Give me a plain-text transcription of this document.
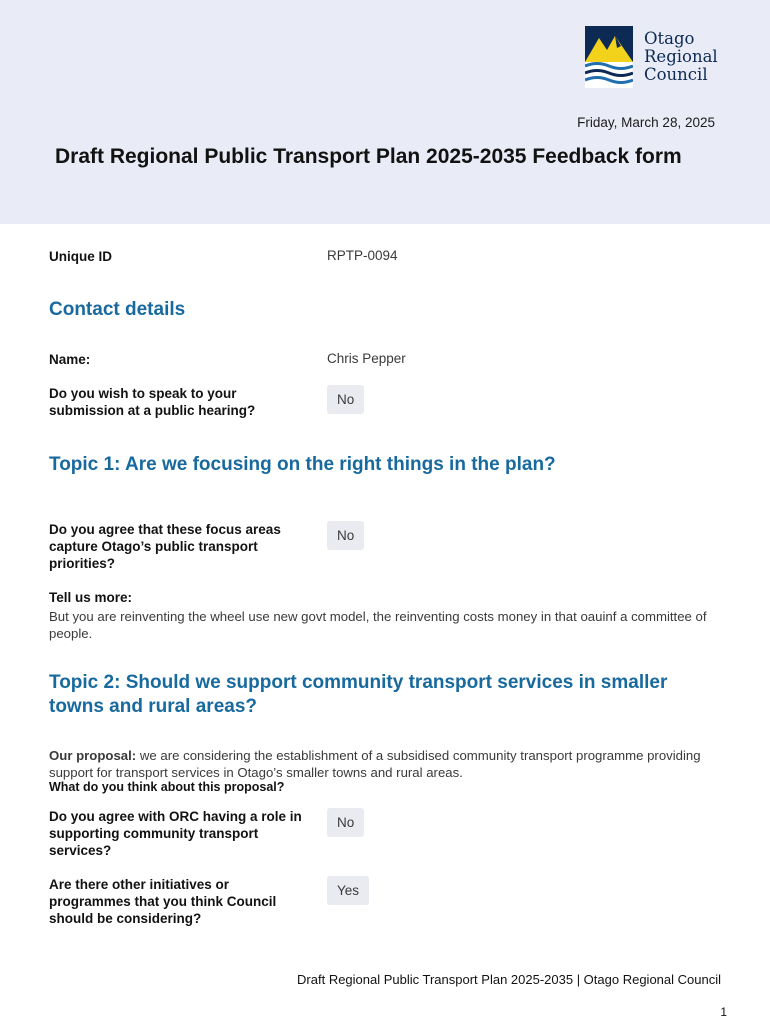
Otago
Regional
Council
Friday, March 28, 2025
Draft Regional Public Transport Plan 2025-2035 Feedback form
Unique ID	RPTP-0094
Contact details
Name:	Chris Pepper
Do you wish to speak to your submission at a public hearing?
No
Topic 1: Are we focusing on the right things in the plan?
Do you agree that these focus areas capture Otago’s public transport priorities?
No
Tell us more:
But you are reinventing the wheel use new govt model, the reinventing costs money in that oauinf a committee of people.
Topic 2: Should we support community transport services in smaller towns and rural areas?
Our proposal: we are considering the establishment of a subsidised community transport programme providing support for transport services in Otago’s smaller towns and rural areas.
What do you think about this proposal?
Do you agree with ORC having a role in supporting community transport services?
No
Are there other initiatives or programmes that you think Council should be considering?
Yes
Draft Regional Public Transport Plan 2025-2035 | Otago Regional Council
1
